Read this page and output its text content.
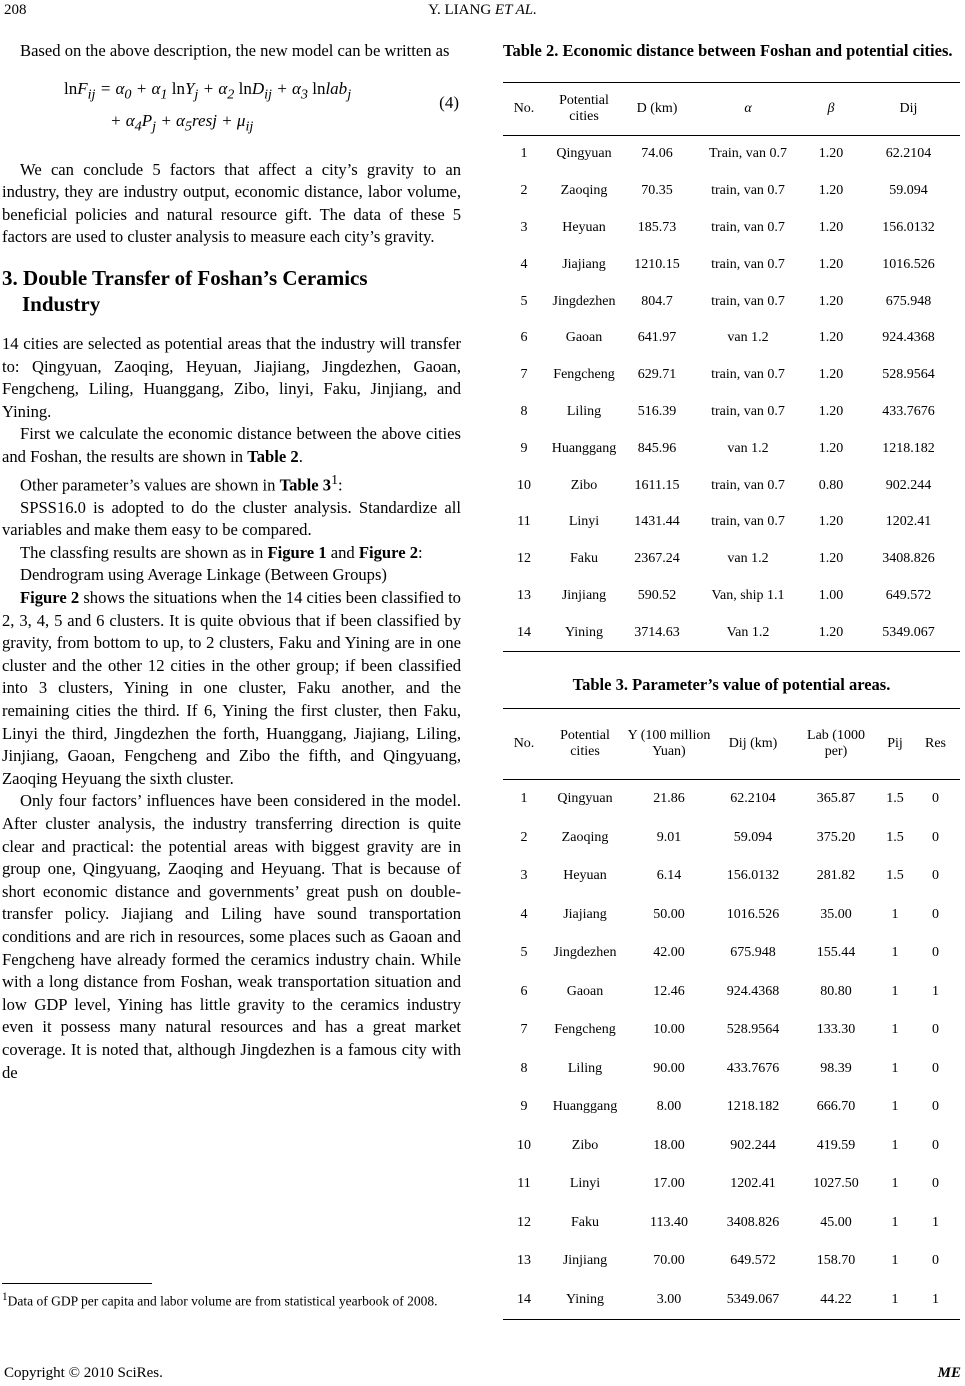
208	Y. LIANG ET AL.

Based on the above description, the new model can be written as

$\ln F_{ij} = \alpha_0 + \alpha_1$ $\ln Y_j + \alpha_2$ $\ln D_{ij} + \alpha_3$ lnlab$_j$
+ $\alpha_4P_j$ + $\alpha_5resj + \mu_{ij}$
(4)

We can conclude 5 factors that affect a city’s gravity to an industry, they are industry output, economic distance, labor volume, beneficial policies and natural resource gift. The data of these 5 factors are used to cluster analysis to measure each city’s gravity.

3. Double Transfer of Foshan’s Ceramics
Industry

14 cities are selected as potential areas that the industry will transfer to: Qingyuan, Zaoqing, Heyuan, Jiajiang, Jingdezhen, Gaoan, Fengcheng, Liling, Huanggang, Zibo, linyi, Faku, Jinjiang, and Yining.

First we calculate the economic distance between the above cities and Foshan, the results are shown in Table 2.

Other parameter’s values are shown in Table $3^1$:

SPSS16.0 is adopted to do the cluster analysis. Standardize all variables and make them easy to be compared.

The classfing results are shown as in Figure 1 and Figure 2:

Dendrogram using Average Linkage (Between Groups)

Figure 2 shows the situations when the 14 cities been classified to 2, 3, 4, 5 and 6 clusters. It is quite obvious that if been classified by gravity, from bottom to up, to 2 clusters, Faku and Yining are in one cluster and the other 12 cities in the other group; if been classified into 3 clusters, Yining in one cluster, Faku another, and the remaining cities the third. If 6, Yining the first cluster, then Faku, Linyi the third, Jingdezhen the forth, Huanggang, Jiajiang, Liling, Jinjiang, Gaoan, Fengcheng and Zibo the fifth, and Qingyuang, Zaoqing Heyuang the sixth cluster.

Only four factors’ influences have been considered in the model. After cluster analysis, the industry transferring direction is quite clear and practical: the potential areas with biggest gravity are in group one, Qingyuang, Zaoqing and Heyuang. That is because of short economic distance and governments’ great push on double-transfer policy. Jiajiang and Liling have sound transportation conditions and are rich in resources, some places such as Gaoan and Fengcheng have already formed the ceramics industry chain. While with a long distance from Foshan, weak transportation situation and low GDP level, Yining has little gravity to the ceramics industry even it possess many natural resources and has a great market coverage. It is noted that, although Jingdezhen is a famous city with de

$^1$Data of GDP per capita and labor volume are from statistical yearbook of 2008.

Table 2. Economic distance between Foshan and potential cities.

No.	Potential cities	D (km)	α	β	Dij
1	Qingyuan	74.06	Train, van 0.7	1.20	62.2104
2	Zaoqing	70.35	train, van 0.7	1.20	59.094
3	Heyuan	185.73	train, van 0.7	1.20	156.0132
4	Jiajiang	1210.15	train, van 0.7	1.20	1016.526
5	Jingdezhen	804.7	train, van 0.7	1.20	675.948
6	Gaoan	641.97	van 1.2	1.20	924.4368
7	Fengcheng	629.71	train, van 0.7	1.20	528.9564
8	Liling	516.39	train, van 0.7	1.20	433.7676
9	Huanggang	845.96	van 1.2	1.20	1218.182
10	Zibo	1611.15	train, van 0.7	0.80	902.244
11	Linyi	1431.44	train, van 0.7	1.20	1202.41
12	Faku	2367.24	van 1.2	1.20	3408.826
13	Jinjiang	590.52	Van, ship 1.1	1.00	649.572
14	Yining	3714.63	Van 1.2	1.20	5349.067

Table 3. Parameter’s value of potential areas.

No.	Potential cities	Y (100 million Yuan)	Dij (km)	Lab (1000 per)	Pij	Res
1	Qingyuan	21.86	62.2104	365.87	1.5	0
2	Zaoqing	9.01	59.094	375.20	1.5	0
3	Heyuan	6.14	156.0132	281.82	1.5	0
4	Jiajiang	50.00	1016.526	35.00	1	0
5	Jingdezhen	42.00	675.948	155.44	1	0
6	Gaoan	12.46	924.4368	80.80	1	1
7	Fengcheng	10.00	528.9564	133.30	1	0
8	Liling	90.00	433.7676	98.39	1	0
9	Huanggang	8.00	1218.182	666.70	1	0
10	Zibo	18.00	902.244	419.59	1	0
11	Linyi	17.00	1202.41	1027.50	1	0
12	Faku	113.40	3408.826	45.00	1	1
13	Jinjiang	70.00	649.572	158.70	1	0
14	Yining	3.00	5349.067	44.22	1	1
Copyright © 2010 SciRes.	ME
